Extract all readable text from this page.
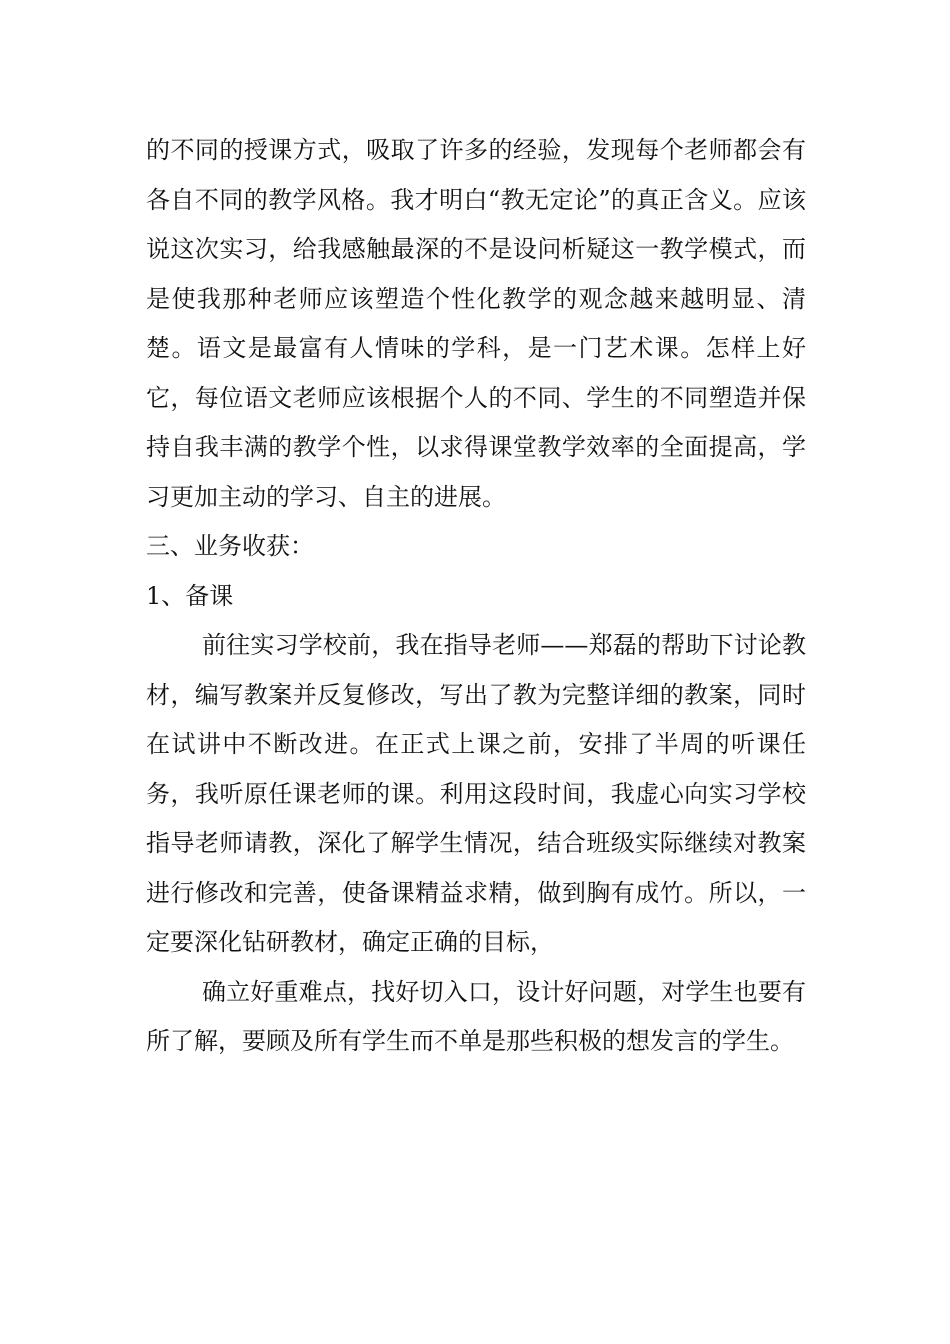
的不同的授课方式，吸取了许多的经验，发现每个老师都会有各自不同的教学风格。我才明白“教无定论”的真正含义。应该说这次实习，给我感触最深的不是设问析疑这一教学模式，而是使我那种老师应该塑造个性化教学的观念越来越明显、清楚。语文是最富有人情味的学科，是一门艺术课。怎样上好它，每位语文老师应该根据个人的不同、学生的不同塑造并保持自我丰满的教学个性，以求得课堂教学效率的全面提高，学习更加主动的学习、自主的进展。

三、业务收获：

1、备课

前往实习学校前，我在指导老师——郑磊的帮助下讨论教材，编写教案并反复修改，写出了教为完整详细的教案，同时在试讲中不断改进。在正式上课之前，安排了半周的听课任务，我听原任课老师的课。利用这段时间，我虚心向实习学校指导老师请教，深化了解学生情况，结合班级实际继续对教案进行修改和完善，使备课精益求精，做到胸有成竹。所以，一定要深化钻研教材，确定正确的目标，

确立好重难点，找好切入口，设计好问题，对学生也要有所了解，要顾及所有学生而不单是那些积极的想发言的学生。
